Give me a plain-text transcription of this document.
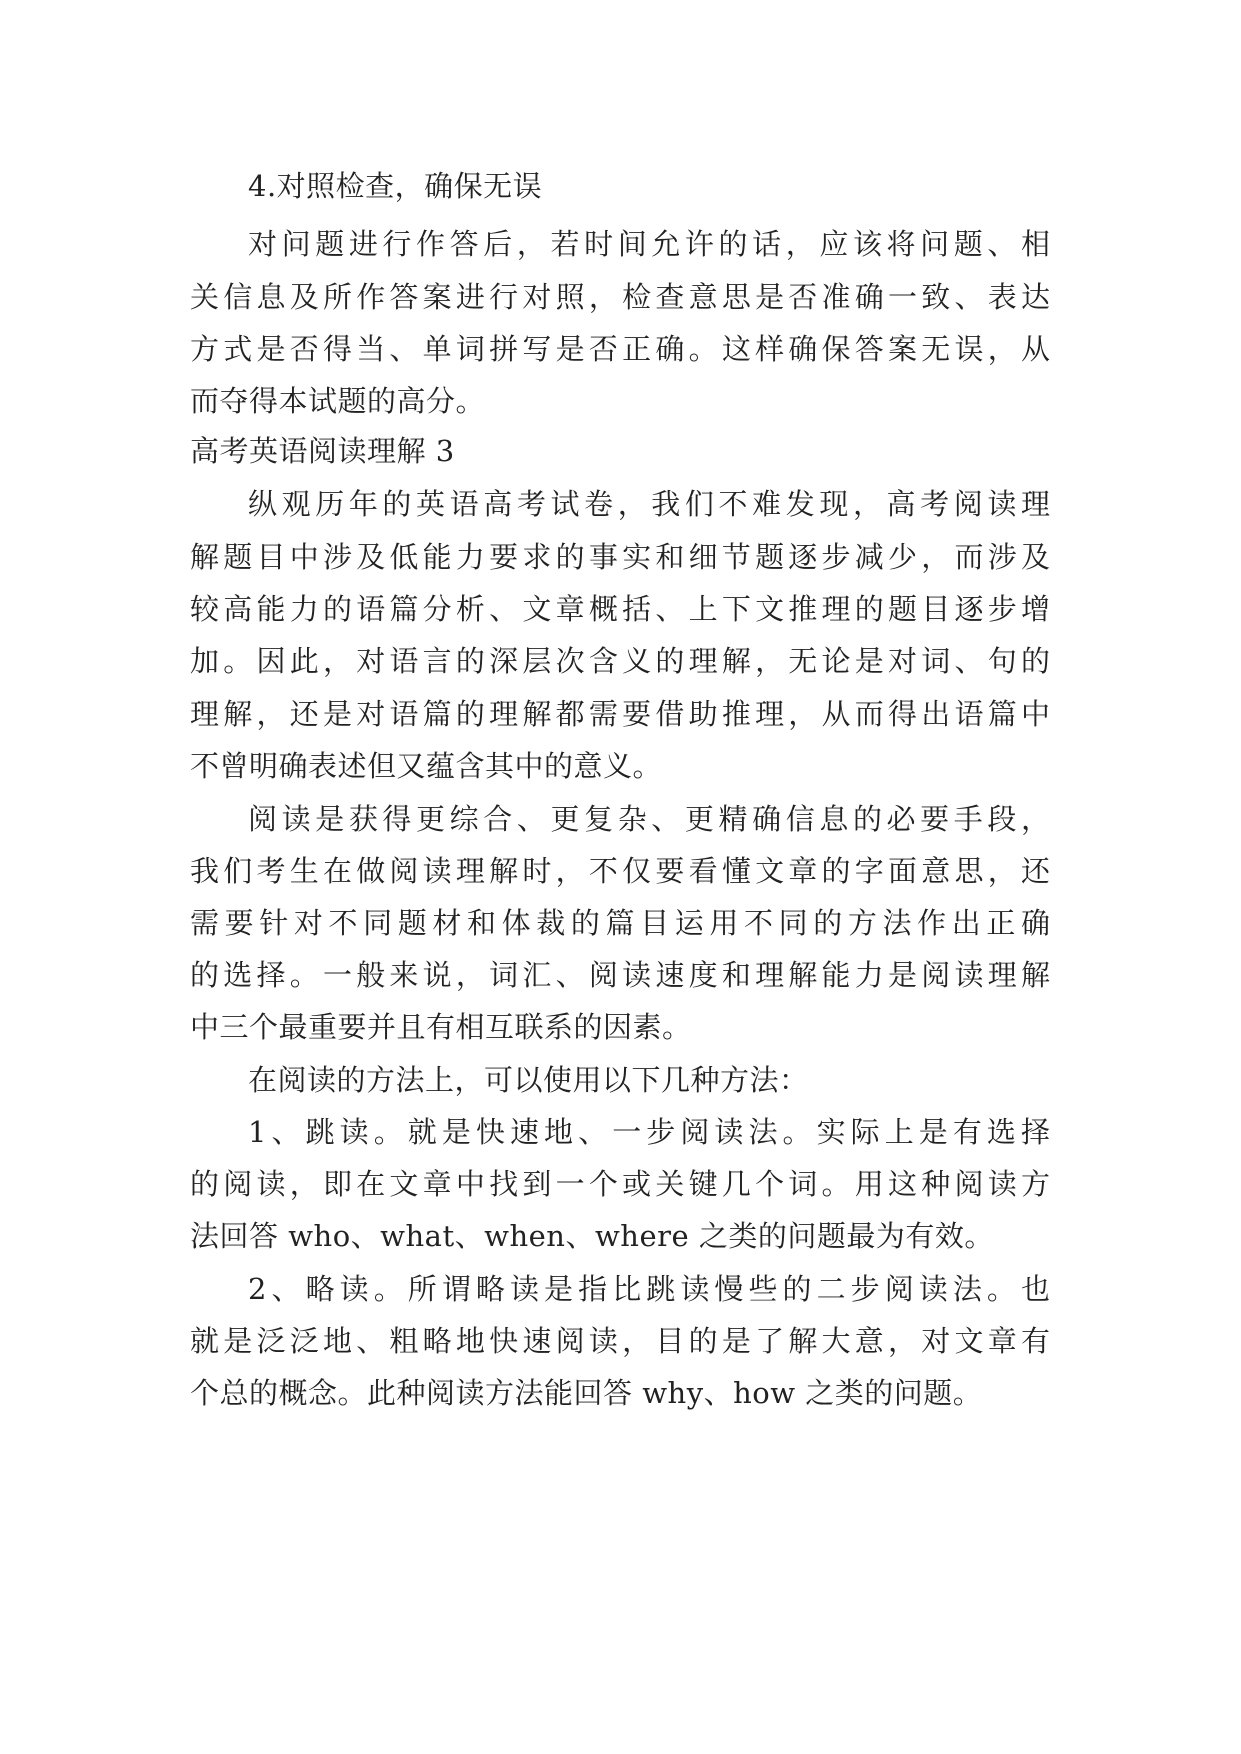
4.对照检查，确保无误
对问题进行作答后，若时间允许的话，应该将问题、相
关信息及所作答案进行对照，检查意思是否准确一致、表达
方式是否得当、单词拼写是否正确。这样确保答案无误，从
而夺得本试题的高分。
高考英语阅读理解 3
纵观历年的英语高考试卷，我们不难发现，高考阅读理
解题目中涉及低能力要求的事实和细节题逐步减少，而涉及
较高能力的语篇分析、文章概括、上下文推理的题目逐步增
加。因此，对语言的深层次含义的理解，无论是对词、句的
理解，还是对语篇的理解都需要借助推理，从而得出语篇中
不曾明确表述但又蕴含其中的意义。
阅读是获得更综合、更复杂、更精确信息的必要手段，
我们考生在做阅读理解时，不仅要看懂文章的字面意思，还
需要针对不同题材和体裁的篇目运用不同的方法作出正确
的选择。一般来说，词汇、阅读速度和理解能力是阅读理解
中三个最重要并且有相互联系的因素。
在阅读的方法上，可以使用以下几种方法：
1、跳读。就是快速地、一步阅读法。实际上是有选择
的阅读，即在文章中找到一个或关键几个词。用这种阅读方
法回答 who、what、when、where 之类的问题最为有效。
2、略读。所谓略读是指比跳读慢些的二步阅读法。也
就是泛泛地、粗略地快速阅读，目的是了解大意，对文章有
个总的概念。此种阅读方法能回答 why、how 之类的问题。
